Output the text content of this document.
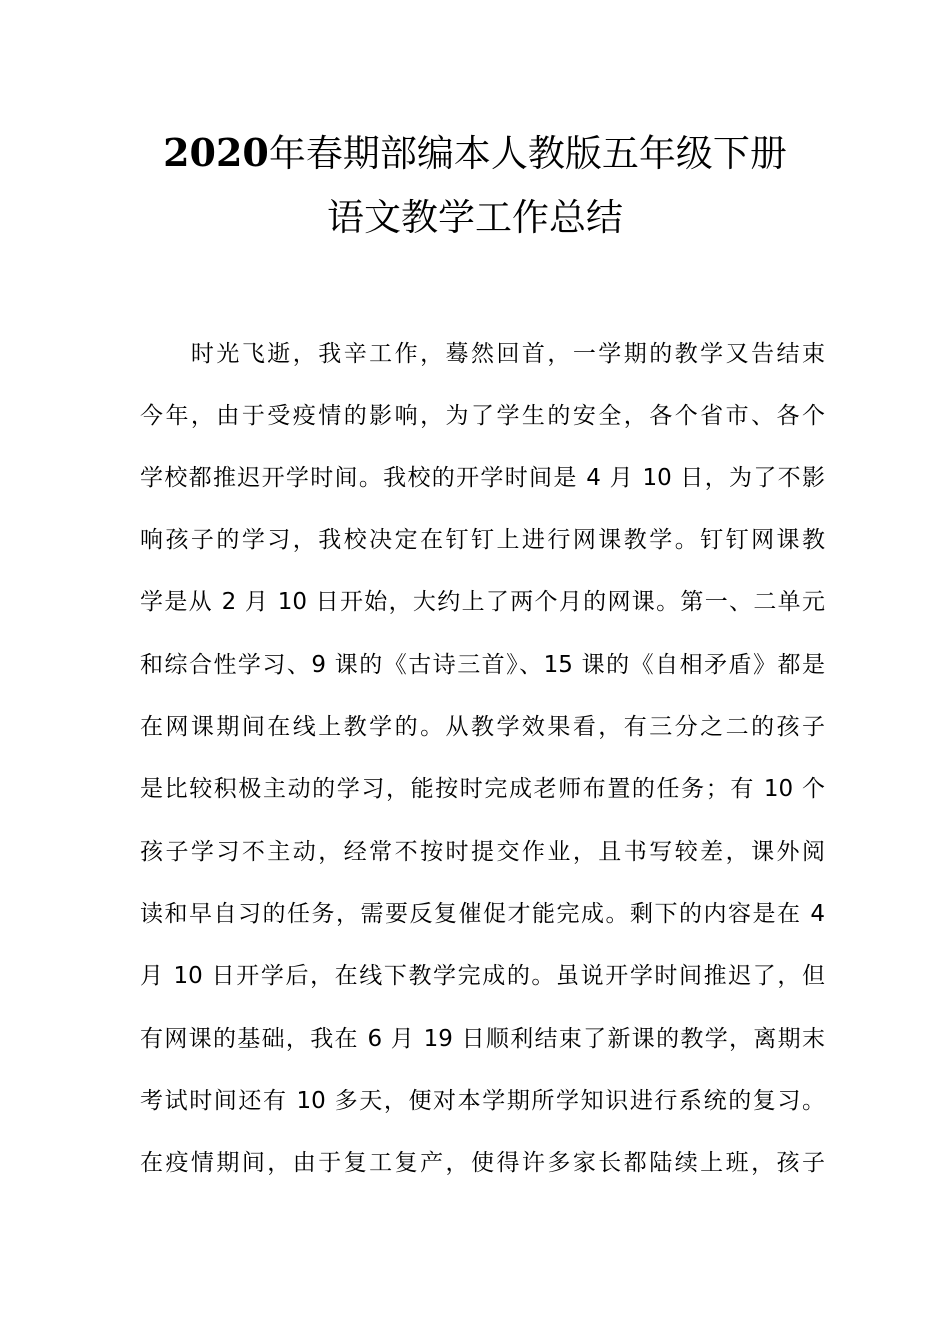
2020年春期部编本人教版五年级下册
语文教学工作总结
　　时光飞逝，我辛工作，蓦然回首，一学期的教学又告结束
今年，由于受疫情的影响，为了学生的安全，各个省市、各个
学校都推迟开学时间。我校的开学时间是 4 月 10 日，为了不影
响孩子的学习，我校决定在钉钉上进行网课教学。钉钉网课教
学是从 2 月 10 日开始，大约上了两个月的网课。第一、二单元
和综合性学习、9 课的《古诗三首》、15 课的《自相矛盾》都是
在网课期间在线上教学的。从教学效果看，有三分之二的孩子
是比较积极主动的学习，能按时完成老师布置的任务；有 10 个
孩子学习不主动，经常不按时提交作业，且书写较差，课外阅
读和早自习的任务，需要反复催促才能完成。剩下的内容是在 4
月 10 日开学后，在线下教学完成的。虽说开学时间推迟了，但
有网课的基础，我在 6 月 19 日顺利结束了新课的教学，离期末
考试时间还有 10 多天，便对本学期所学知识进行系统的复习。
在疫情期间，由于复工复产，使得许多家长都陆续上班，孩子
